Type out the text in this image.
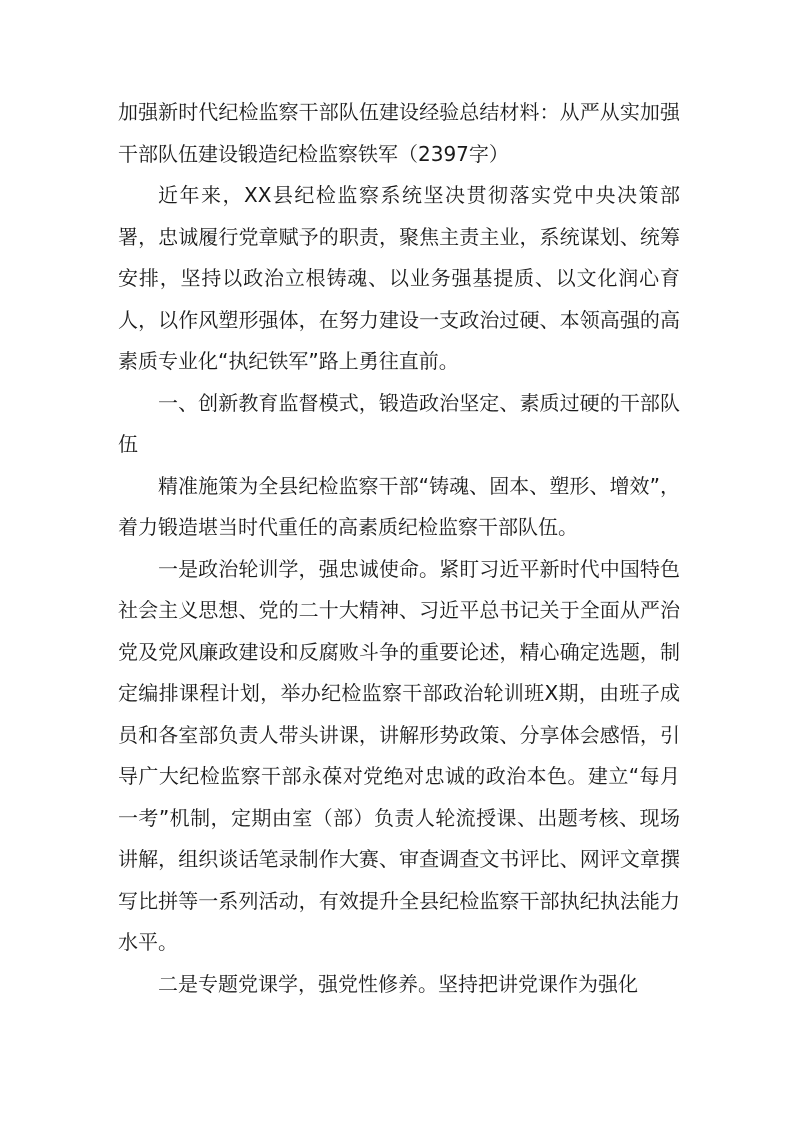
加强新时代纪检监察干部队伍建设经验总结材料：从严从实加强干部队伍建设锻造纪检监察铁军（2397字）

近年来，XX县纪检监察系统坚决贯彻落实党中央决策部署，忠诚履行党章赋予的职责，聚焦主责主业，系统谋划、统筹安排，坚持以政治立根铸魂、以业务强基提质、以文化润心育人，以作风塑形强体，在努力建设一支政治过硬、本领高强的高素质专业化“执纪铁军”路上勇往直前。

一、创新教育监督模式，锻造政治坚定、素质过硬的干部队伍

精准施策为全县纪检监察干部“铸魂、固本、塑形、增效”，着力锻造堪当时代重任的高素质纪检监察干部队伍。

一是政治轮训学，强忠诚使命。紧盯习近平新时代中国特色社会主义思想、党的二十大精神、习近平总书记关于全面从严治党及党风廉政建设和反腐败斗争的重要论述，精心确定选题，制定编排课程计划，举办纪检监察干部政治轮训班X期，由班子成员和各室部负责人带头讲课，讲解形势政策、分享体会感悟，引导广大纪检监察干部永葆对党绝对忠诚的政治本色。建立“每月一考”机制，定期由室（部）负责人轮流授课、出题考核、现场讲解，组织谈话笔录制作大赛、审查调查文书评比、网评文章撰写比拼等一系列活动，有效提升全县纪检监察干部执纪执法能力水平。

二是专题党课学，强党性修养。坚持把讲党课作为强化
